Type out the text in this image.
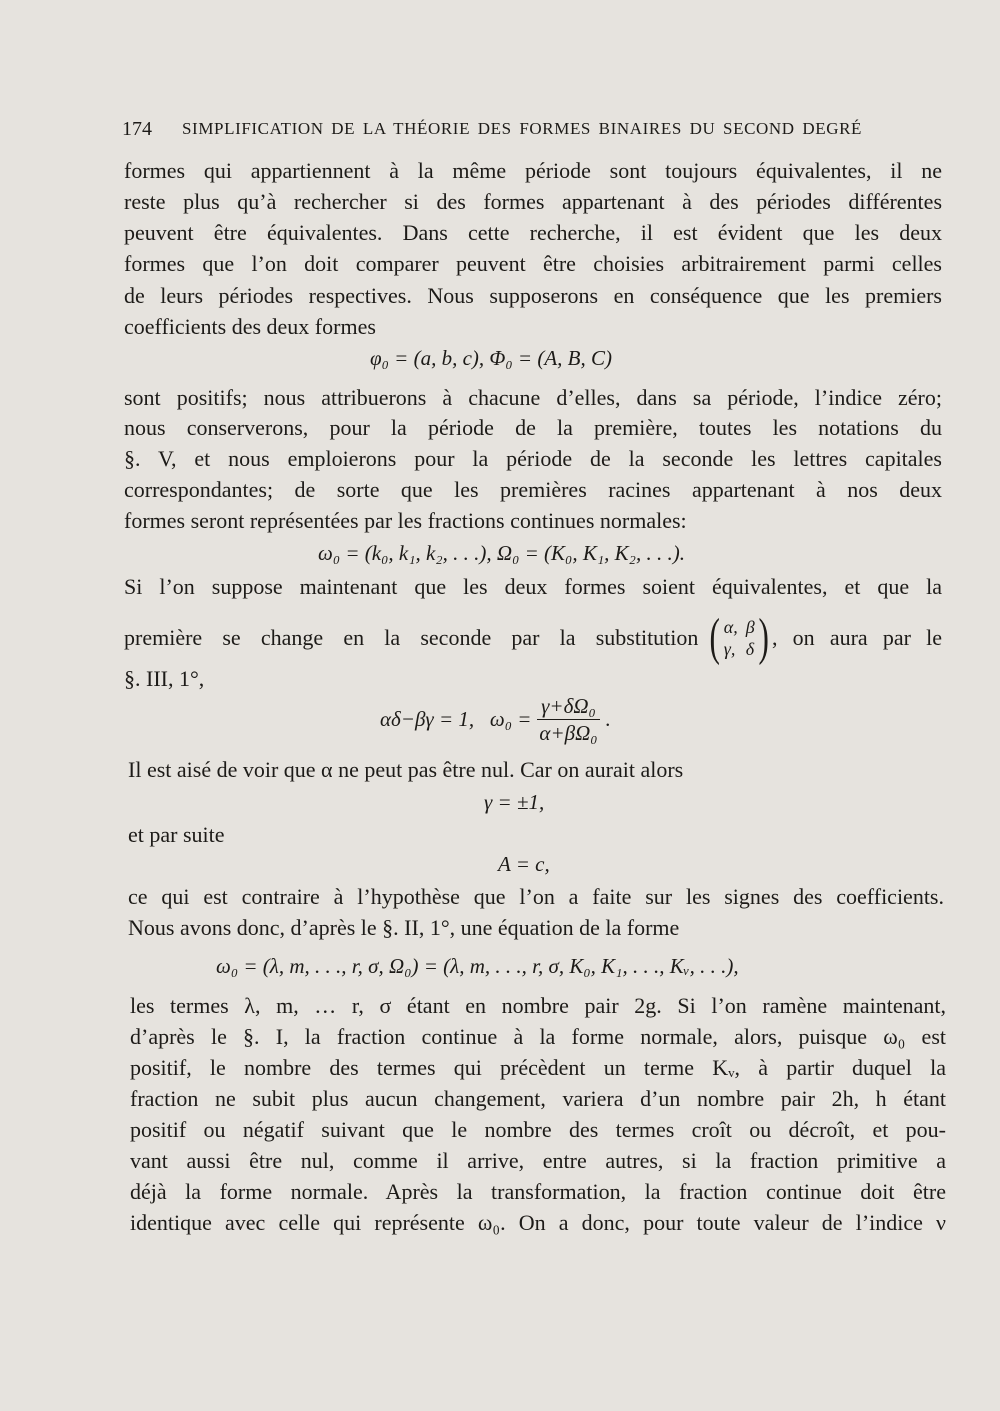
174 SIMPLIFICATION DE LA THÉORIE DES FORMES BINAIRES DU SECOND DEGRÉ
formes qui appartiennent à la même période sont toujours équivalentes, il ne
reste plus qu’à rechercher si des formes appartenant à des périodes différentes
peuvent être équivalentes. Dans cette recherche, il est évident que les deux
formes que l’on doit comparer peuvent être choisies arbitrairement parmi celles
de leurs périodes respectives. Nous supposerons en conséquence que les premiers
coefficients des deux formes
φ₀ = (a, b, c), Φ₀ = (A, B, C)
sont positifs; nous attribuerons à chacune d’elles, dans sa période, l’indice zéro;
nous conserverons, pour la période de la première, toutes les notations du
§. V, et nous emploierons pour la période de la seconde les lettres capitales
correspondantes; de sorte que les premières racines appartenant à nos deux
formes seront représentées par les fractions continues normales:
ω₀ = (k₀, k₁, k₂, . . .), Ω₀ = (K₀, K₁, K₂, . . .).
Si l’on suppose maintenant que les deux formes soient équivalentes, et que la
première se change en la seconde par la substitution ( α, β
γ, δ ) , on aura par le
§. III, 1°,
αδ−βγ = 1,   $\omega_0 = \frac{\text{γ+δΩ₀}}{\text{α+βΩ₀}}$ .
Il est aisé de voir que α ne peut pas être nul. Car on aurait alors
γ = ±1,
et par suite
A = c,
ce qui est contraire à l’hypothèse que l’on a faite sur les signes des coefficients.
Nous avons donc, d’après le §. II, 1°, une équation de la forme
ω₀ = (λ, m, . . ., r, σ, Ω₀) = (λ, m, . . ., r, σ, K₀, K₁, . . ., Kᵥ, . . .),
les termes λ, m, … r, σ étant en nombre pair 2g. Si l’on ramène maintenant,
d’après le §. I, la fraction continue à la forme normale, alors, puisque ω₀ est
positif, le nombre des termes qui précèdent un terme Kᵥ, à partir duquel la
fraction ne subit plus aucun changement, variera d’un nombre pair 2h, h étant
positif ou négatif suivant que le nombre des termes croît ou décroît, et pou-
vant aussi être nul, comme il arrive, entre autres, si la fraction primitive a
déjà la forme normale. Après la transformation, la fraction continue doit être
identique avec celle qui représente ω₀. On a donc, pour toute valeur de l’indice ν
